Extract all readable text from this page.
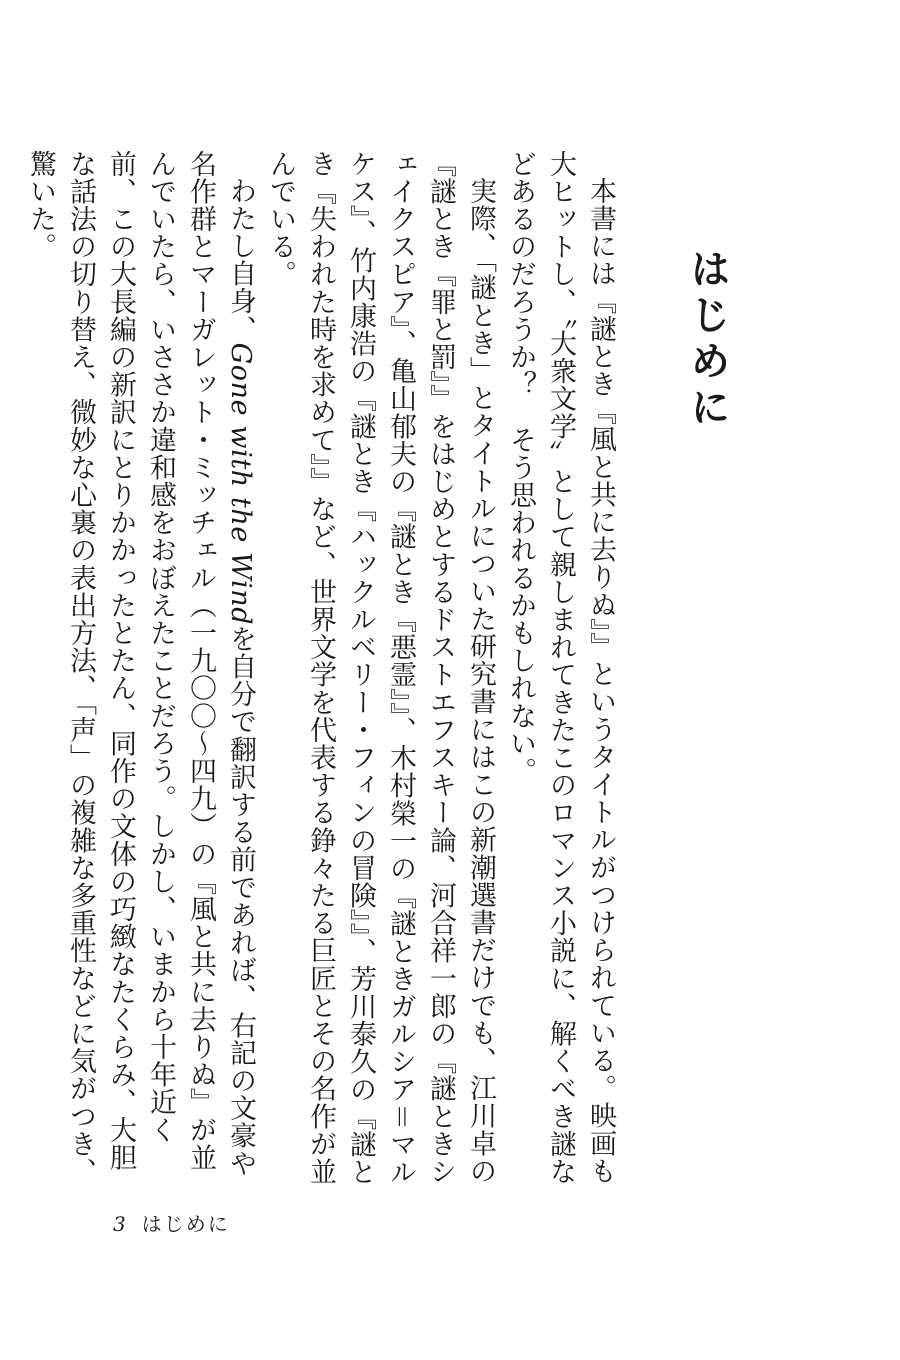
はじめに

本書には『謎とき『風と共に去りぬ』』というタイトルがつけられている。映画も大ヒットし、〝大衆文学〟として親しまれてきたこのロマンス小説に、解くべき謎などあるのだろうか？　そう思われるかもしれない。

実際、「謎とき」とタイトルについた研究書にはこの新潮選書だけでも、江川卓の『謎とき『罪と罰』』をはじめとするドストエフスキー論、河合祥一郎の『謎ときシェイクスピア』、亀山郁夫の『謎とき『悪霊』』、木村榮一の『謎ときガルシア＝マルケス』、竹内康浩の『謎とき『ハックルベリー・フィンの冒険』』、芳川泰久の『謎とき『失われた時を求めて』』など、世界文学を代表する錚々たる巨匠とその名作が並んでいる。

わたし自身、Gone with the Windを自分で翻訳する前であれば、右記の文豪や名作群とマーガレット・ミッチェル（一九〇〇～四九）の『風と共に去りぬ』が並んでいたら、いささか違和感をおぼえたことだろう。しかし、いまから十年近く前、この大長編の新訳にとりかかったとたん、同作の文体の巧緻なたくらみ、大胆な話法の切り替え、微妙な心裏の表出方法、「声」の複雑な多重性などに気がつき、驚いた。

3 はじめに
